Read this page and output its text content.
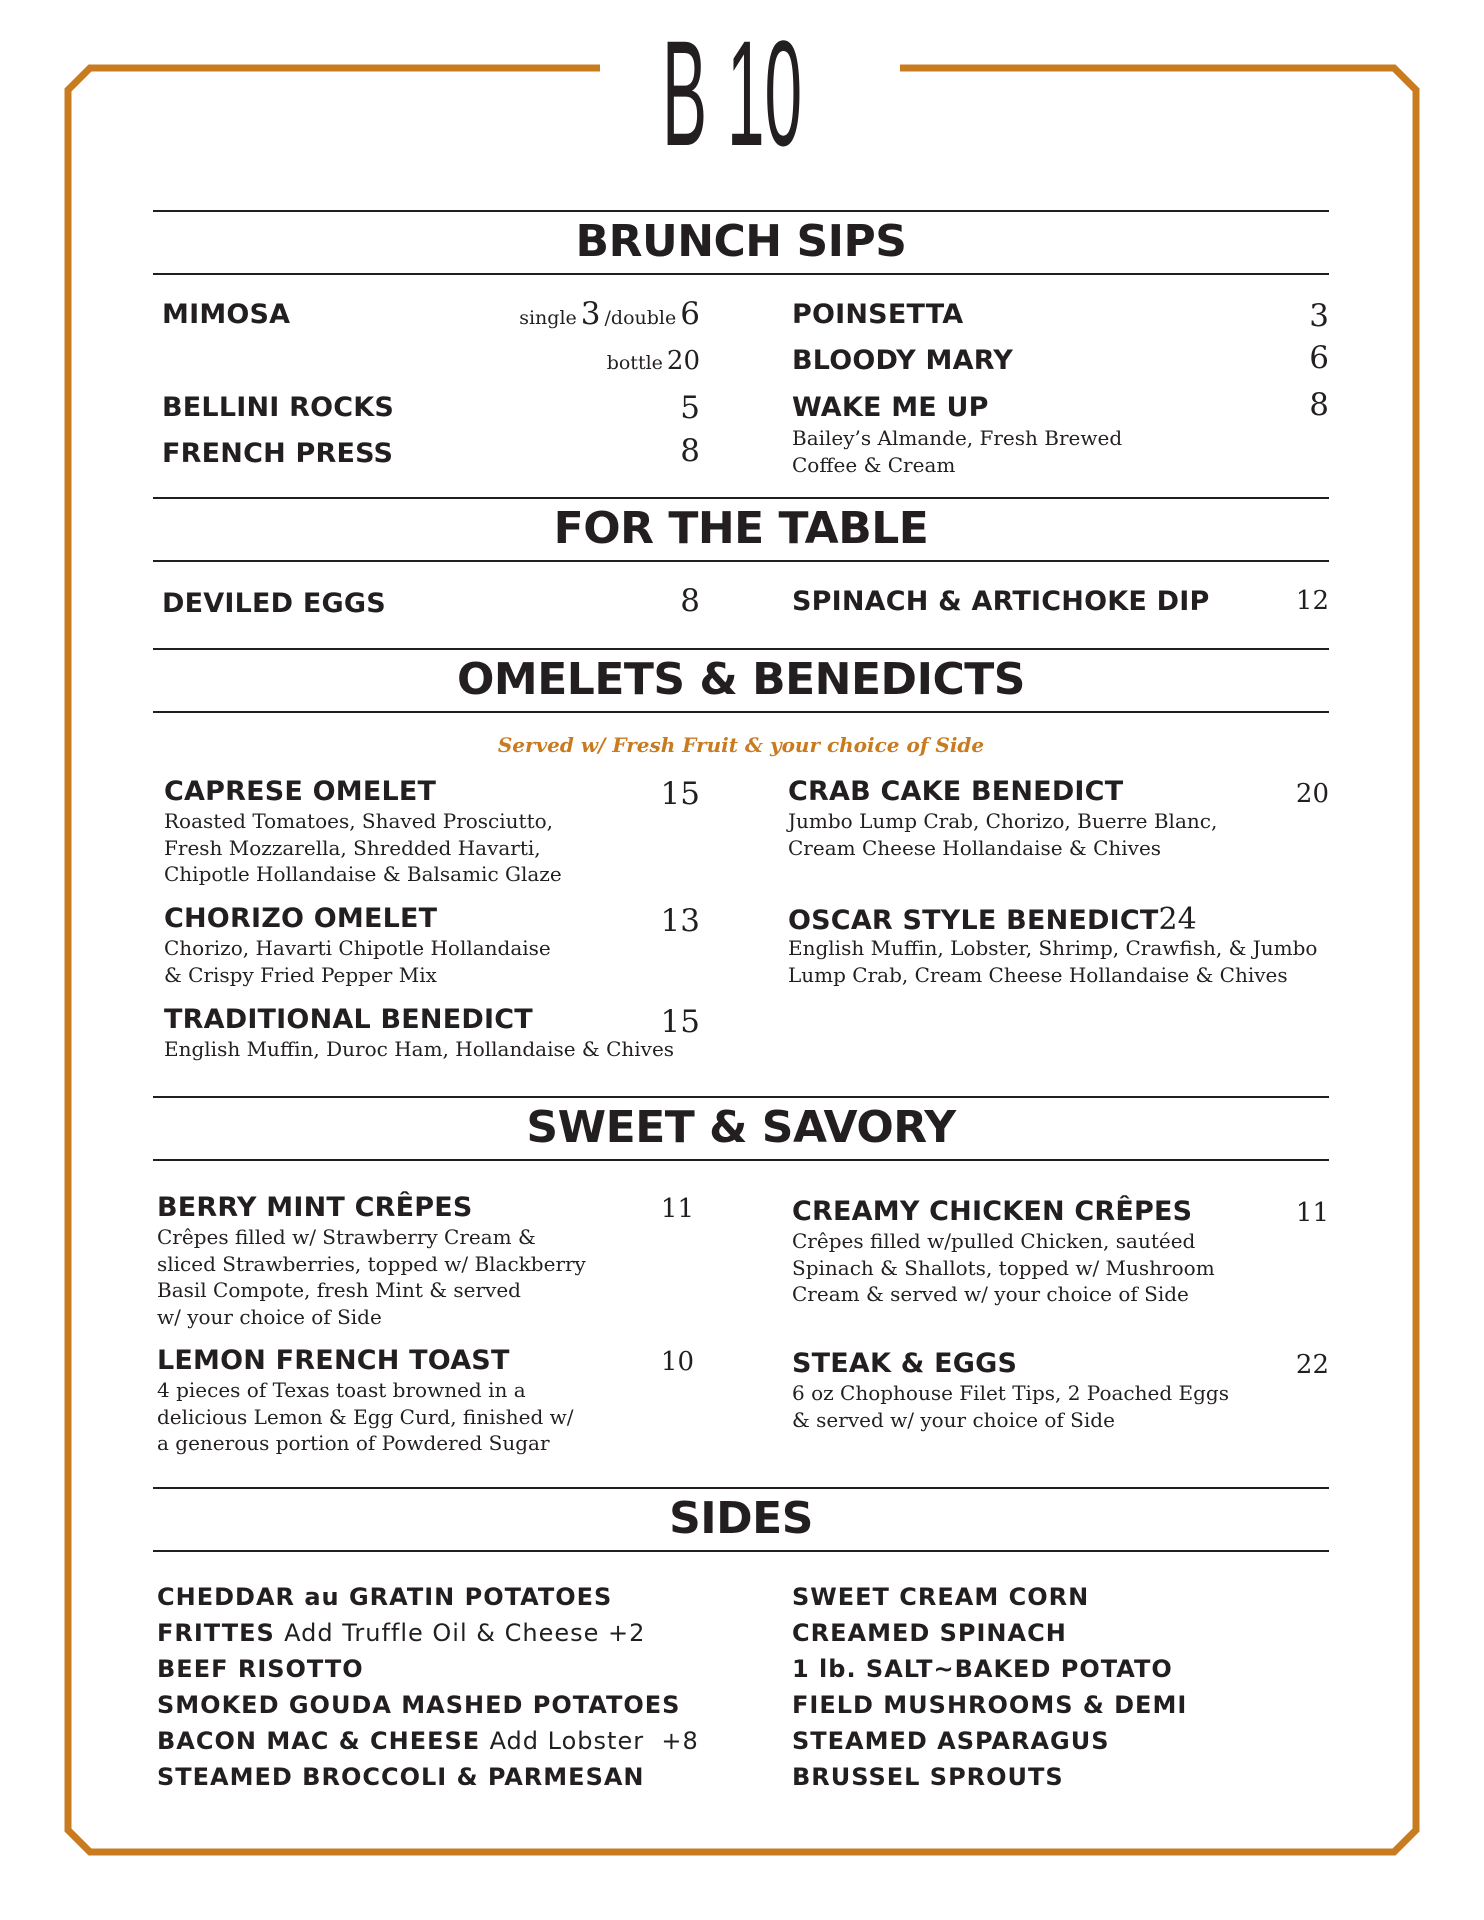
B 10
BRUNCH SIPS
MIMOSA	single 3 /double 6
bottle 20
BELLINI ROCKS	5
FRENCH PRESS	8
POINSETTA	3
BLOODY MARY	6
WAKE ME UP	8
Bailey’s Almande, Fresh Brewed
Coffee & Cream
FOR THE TABLE
DEVILED EGGS	8	SPINACH & ARTICHOKE DIP	12
OMELETS & BENEDICTS
Served w/ Fresh Fruit & your choice of Side
CAPRESE OMELET	15
Roasted Tomatoes, Shaved Prosciutto,
Fresh Mozzarella, Shredded Havarti,
Chipotle Hollandaise & Balsamic Glaze
CHORIZO OMELET	13
Chorizo, Havarti Chipotle Hollandaise
& Crispy Fried Pepper Mix
TRADITIONAL BENEDICT	15
English Muffin, Duroc Ham, Hollandaise & Chives
CRAB CAKE BENEDICT	20
Jumbo Lump Crab, Chorizo, Buerre Blanc,
Cream Cheese Hollandaise & Chives
OSCAR STYLE BENEDICT24
English Muffin, Lobster, Shrimp, Crawfish, & Jumbo
Lump Crab, Cream Cheese Hollandaise & Chives
SWEET & SAVORY
BERRY MINT CRÊPES	11
Crêpes filled w/ Strawberry Cream &
sliced Strawberries, topped w/ Blackberry
Basil Compote, fresh Mint & served
w/ your choice of Side
LEMON FRENCH TOAST	10
4 pieces of Texas toast browned in a
delicious Lemon & Egg Curd, finished w/
a generous portion of Powdered Sugar
CREAMY CHICKEN CRÊPES	11
Crêpes filled w/pulled Chicken, sautéed
Spinach & Shallots, topped w/ Mushroom
Cream & served w/ your choice of Side
STEAK & EGGS	22
6 oz Chophouse Filet Tips, 2 Poached Eggs
& served w/ your choice of Side
SIDES
CHEDDAR au GRATIN POTATOES
FRITTES Add Truffle Oil & Cheese +2
BEEF RISOTTO
SMOKED GOUDA MASHED POTATOES
BACON MAC & CHEESE Add Lobster  +8
STEAMED BROCCOLI & PARMESAN
SWEET CREAM CORN
CREAMED SPINACH
1 lb. SALT~BAKED POTATO
FIELD MUSHROOMS & DEMI
STEAMED ASPARAGUS
BRUSSEL SPROUTS
